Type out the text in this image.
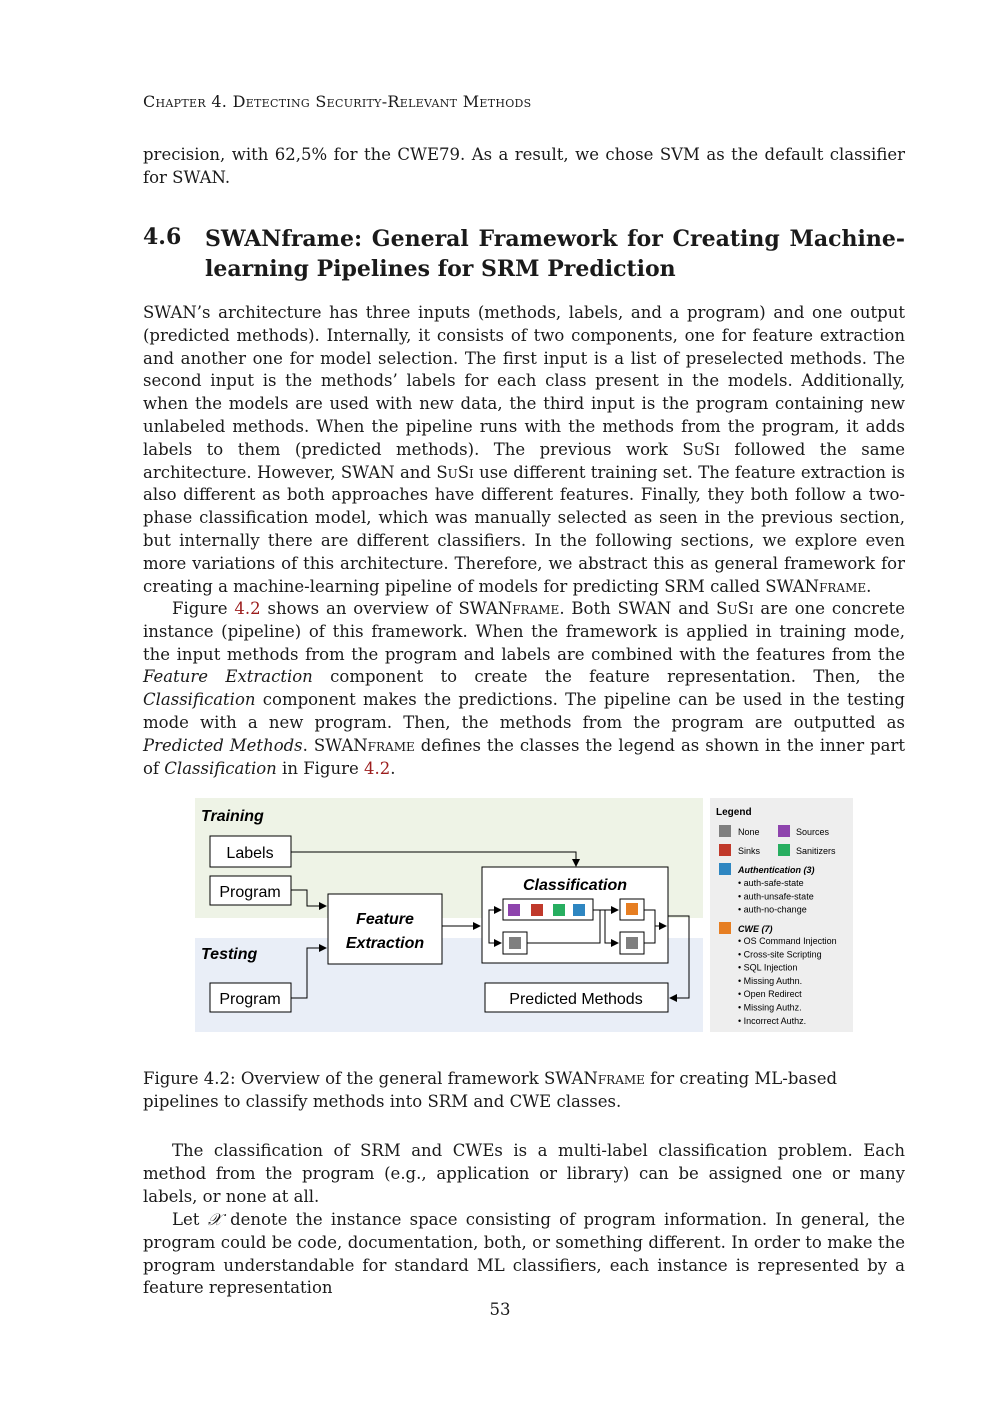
Chapter 4. Detecting Security-Relevant Methods

precision, with 62,5% for the CWE79. As a result, we chose SVM as the default classifier for SWAN.

4.6 SWANframe: General Framework for Creating Machine-learning Pipelines for SRM Prediction

SWAN’s architecture has three inputs (methods, labels, and a program) and one output (predicted methods). Internally, it consists of two components, one for feature extraction and another one for model selection. The first input is a list of preselected methods. The second input is the methods’ labels for each class present in the models. Additionally, when the models are used with new data, the third input is the program containing new unlabeled methods. When the pipeline runs with the methods from the program, it adds labels to them (predicted methods). The previous work SuSi followed the same architecture. However, SWAN and SuSi use different training set. The feature extraction is also different as both approaches have different features. Finally, they both follow a two-phase classification model, which was manually selected as seen in the previous section, but internally there are different classifiers. In the following sections, we explore even more variations of this architecture. Therefore, we abstract this as general framework for creating a machine-learning pipeline of models for predicting SRM called SWANframe.

Figure 4.2 shows an overview of SWANframe. Both SWAN and SuSi are one concrete instance (pipeline) of this framework. When the framework is applied in training mode, the input methods from the program and labels are combined with the features from the Feature Extraction component to create the feature representation. Then, the Classification component makes the predictions. The pipeline can be used in the testing mode with a new program. Then, the methods from the program are outputted as Predicted Methods. SWANframe defines the classes the legend as shown in the inner part of Classification in Figure 4.2.

Training
Testing
Labels
Program
Program
Feature
Extraction
Classification
Predicted Methods
Legend
None	Sources
Sinks	Sanitizers
Authentication (3)
• auth-safe-state
• auth-unsafe-state
• auth-no-change
CWE (7)
• OS Command Injection
• Cross-site Scripting
• SQL Injection
• Missing Authn.
• Open Redirect
• Missing Authz.
• Incorrect Authz.
Figure 4.2: Overview of the general framework SWANframe for creating ML-based pipelines to classify methods into SRM and CWE classes.

The classification of SRM and CWEs is a multi-label classification problem. Each method from the program (e.g., application or library) can be assigned one or many labels, or none at all.

Let 𝒳 denote the instance space consisting of program information. In general, the program could be code, documentation, both, or something different. In order to make the program understandable for standard ML classifiers, each instance is represented by a feature representation

53
